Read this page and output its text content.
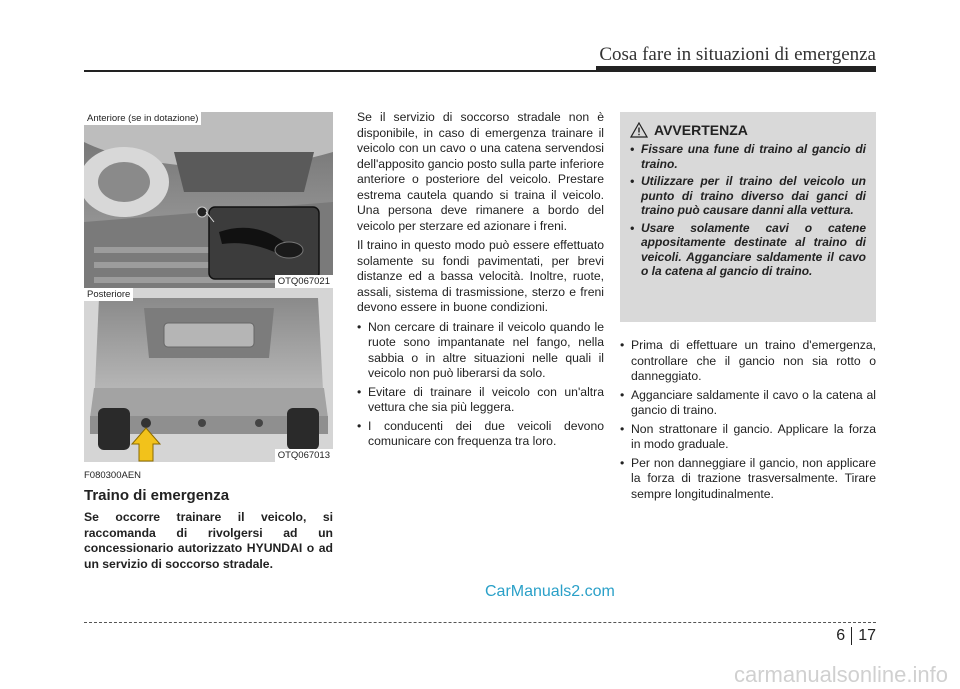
Cosa fare in situazioni di emergenza
Anteriore (se in dotazione)
OTQ067021
Posteriore
OTQ067013

F080300AEN

Traino di emergenza

Se occorre trainare il veicolo, si raccomanda di rivolgersi ad un concessionario autorizzato HYUNDAI o ad un servizio di soccorso stradale.

Se il servizio di soccorso stradale non è disponibile, in caso di emergenza trainare il veicolo con un cavo o una catena servendosi dell'apposito gancio posto sulla parte inferiore anteriore o posteriore del veicolo. Prestare estrema cautela quando si traina il veicolo. Una persona deve rimanere a bordo del veicolo per sterzare ed azionare i freni.

Il traino in questo modo può essere effettuato solamente su fondi pavimentati, per brevi distanze ed a bassa velocità. Inoltre, ruote, assali, sistema di trasmissione, sterzo e freni devono essere in buone condizioni.

• Non cercare di trainare il veicolo quando le ruote sono impantanate nel fango, nella sabbia o in altre situazioni nelle quali il veicolo non può liberarsi da solo.
• Evitare di trainare il veicolo con un'altra vettura che sia più leggera.
• I conducenti dei due veicoli devono comunicare con frequenza tra loro.
AVVERTENZA
• Fissare una fune di traino al gancio di traino.
• Utilizzare per il traino del veicolo un punto di traino diverso dai ganci di traino può causare danni alla vettura.
• Usare solamente cavi o catene appositamente destinate al traino di veicoli. Agganciare saldamente il cavo o la catena al gancio di traino.
• Prima di effettuare un traino d'emergenza, controllare che il gancio non sia rotto o danneggiato.
• Agganciare saldamente il cavo o la catena al gancio di traino.
• Non strattonare il gancio. Applicare la forza in modo graduale.
• Per non danneggiare il gancio, non applicare la forza di trazione trasversalmente. Tirare sempre longitudinalmente.
CarManuals2.com
6 17
carmanualsonline.info
